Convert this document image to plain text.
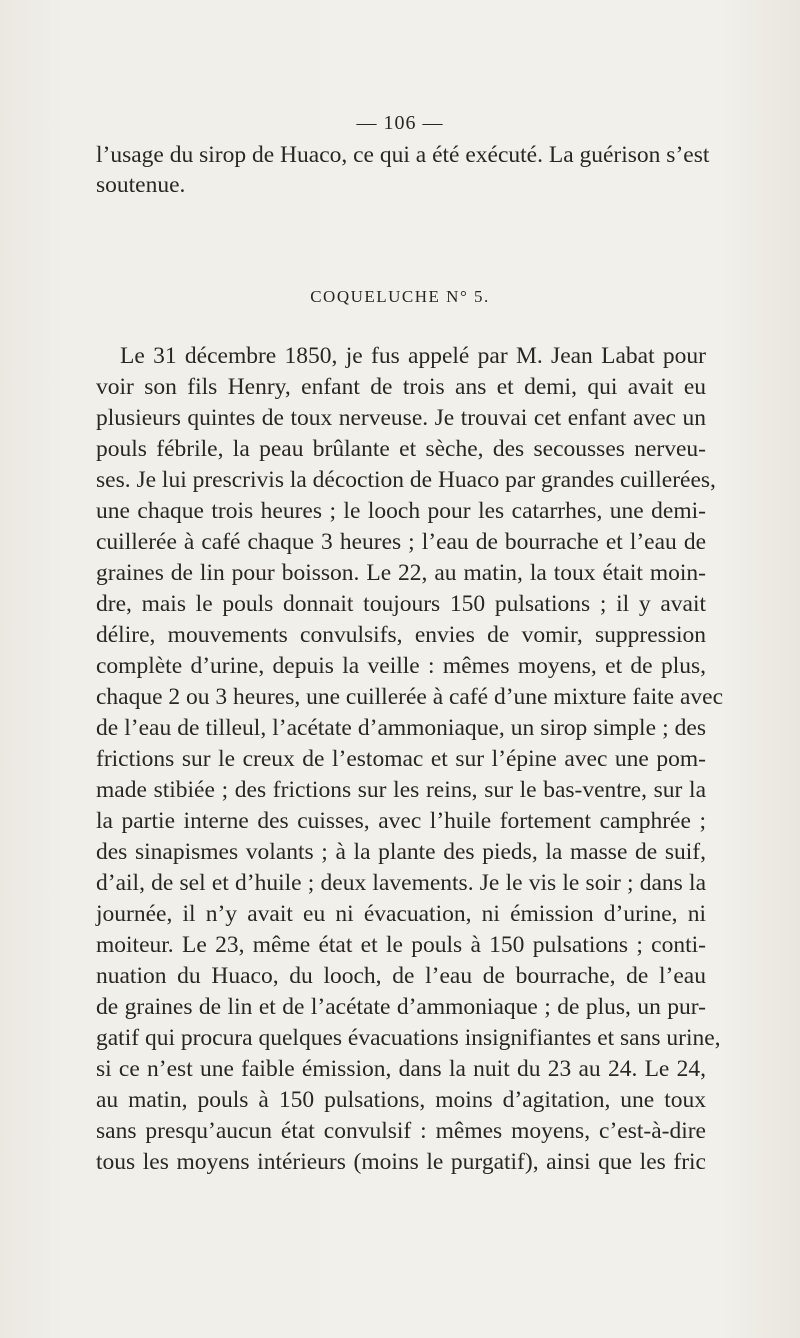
— 106 —
l’usage du sirop de Huaco, ce qui a été exécuté. La guérison s’est
soutenue.
COQUELUCHE N° 5.
Le 31 décembre 1850, je fus appelé par M. Jean Labat pour
voir son fils Henry, enfant de trois ans et demi, qui avait eu
plusieurs quintes de toux nerveuse. Je trouvai cet enfant avec un
pouls fébrile, la peau brûlante et sèche, des secousses nerveu-
ses. Je lui prescrivis la décoction de Huaco par grandes cuillerées,
une chaque trois heures ; le looch pour les catarrhes, une demi-
cuillerée à café chaque 3 heures ; l’eau de bourrache et l’eau de
graines de lin pour boisson. Le 22, au matin, la toux était moin-
dre, mais le pouls donnait toujours 150 pulsations ; il y avait
délire, mouvements convulsifs, envies de vomir, suppression
complète d’urine, depuis la veille : mêmes moyens, et de plus,
chaque 2 ou 3 heures, une cuillerée à café d’une mixture faite avec
de l’eau de tilleul, l’acétate d’ammoniaque, un sirop simple ; des
frictions sur le creux de l’estomac et sur l’épine avec une pom-
made stibiée ; des frictions sur les reins, sur le bas-ventre, sur la
la partie interne des cuisses, avec l’huile fortement camphrée ;
des sinapismes volants ; à la plante des pieds, la masse de suif,
d’ail, de sel et d’huile ; deux lavements. Je le vis le soir ; dans la
journée, il n’y avait eu ni évacuation, ni émission d’urine, ni
moiteur. Le 23, même état et le pouls à 150 pulsations ; conti-
nuation du Huaco, du looch, de l’eau de bourrache, de l’eau
de graines de lin et de l’acétate d’ammoniaque ; de plus, un pur-
gatif qui procura quelques évacuations insignifiantes et sans urine,
si ce n’est une faible émission, dans la nuit du 23 au 24. Le 24,
au matin, pouls à 150 pulsations, moins d’agitation, une toux
sans presqu’aucun état convulsif : mêmes moyens, c’est-à-dire
tous les moyens intérieurs (moins le purgatif), ainsi que les fric
